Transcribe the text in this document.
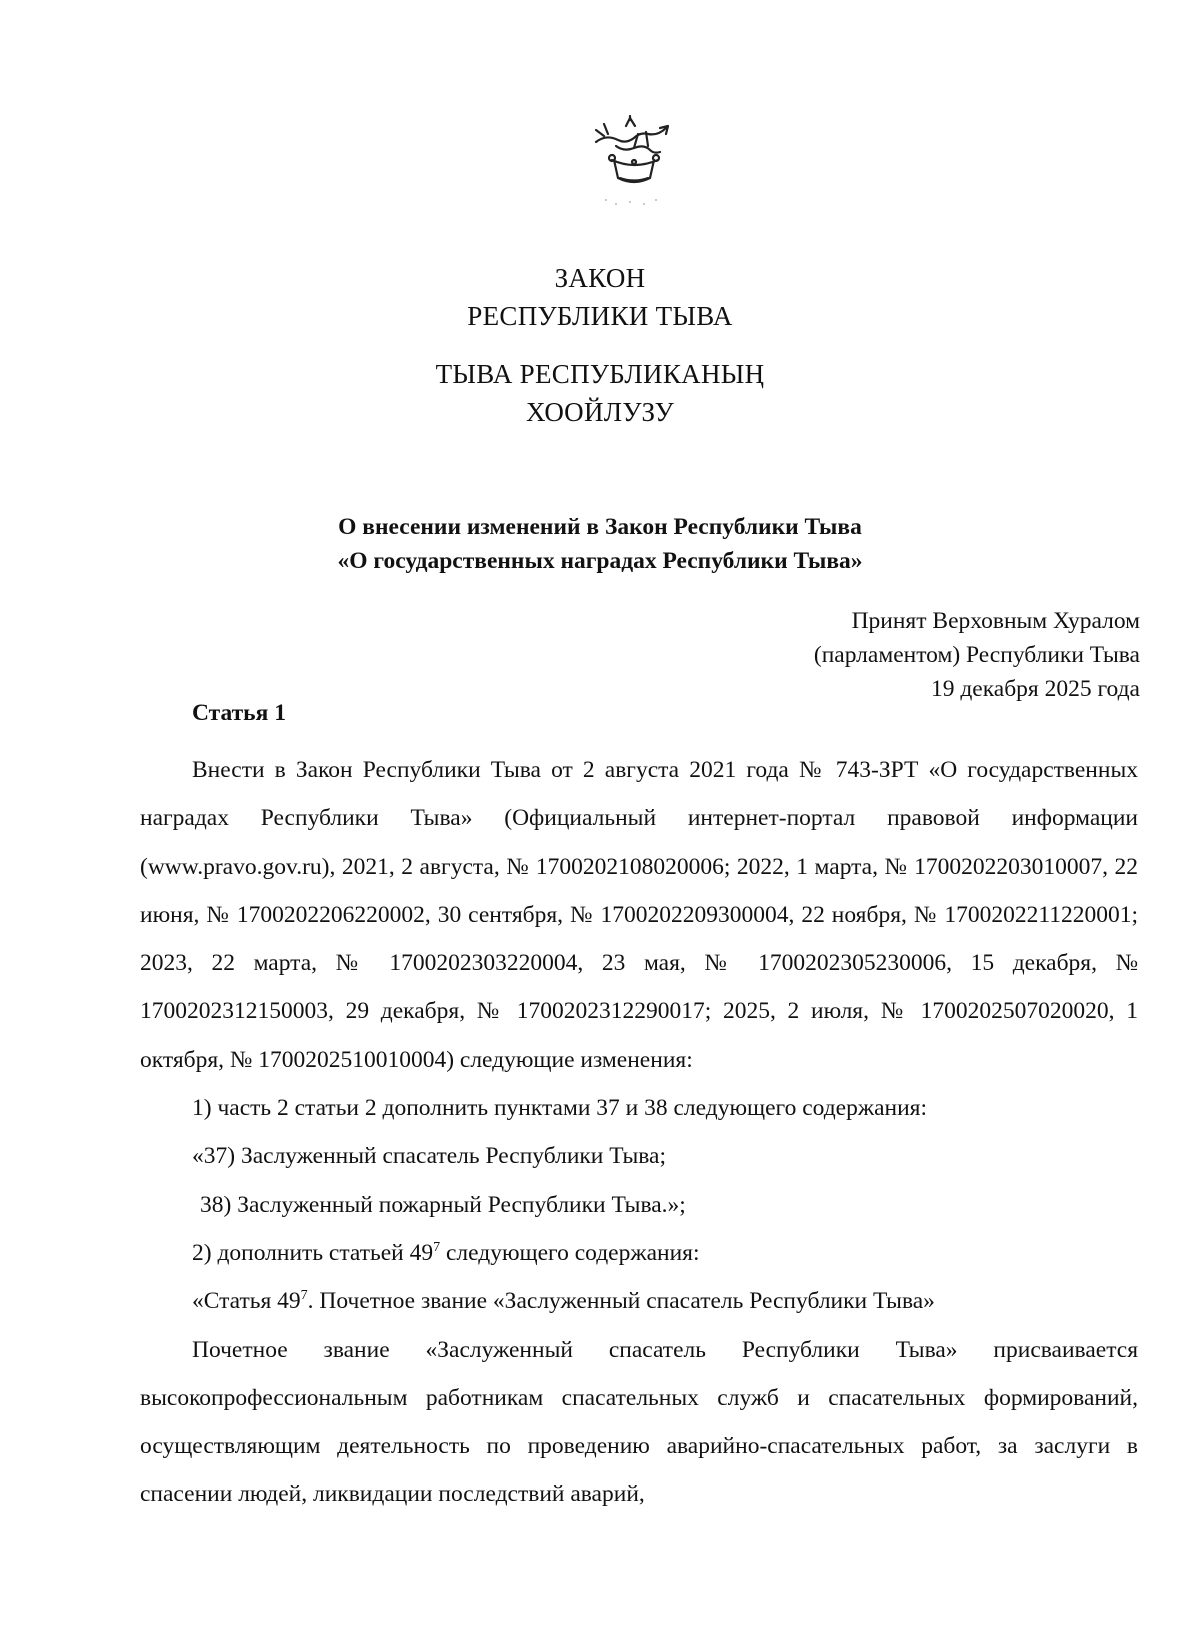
ЗАКОН
РЕСПУБЛИКИ ТЫВА
ТЫВА РЕСПУБЛИКАНЫҢ
ХООЙЛУЗУ
О внесении изменений в Закон Республики Тыва
«О государственных наградах Республики Тыва»
Принят Верховным Хуралом
(парламентом) Республики Тыва
19 декабря 2025 года
Статья 1

Внести в Закон Республики Тыва от 2 августа 2021 года № 743-ЗРТ «О государственных наградах Республики Тыва» (Официальный интернет-портал правовой информации (www.pravo.gov.ru), 2021, 2 августа, № 1700202108020006; 2022, 1 марта, № 1700202203010007, 22 июня, № 1700202206220002, 30 сентября, № 1700202209300004, 22 ноября, № 1700202211220001; 2023, 22 марта, № 1700202303220004, 23 мая, № 1700202305230006, 15 декабря, № 1700202312150003, 29 декабря, № 1700202312290017; 2025, 2 июля, № 1700202507020020, 1 октября, № 1700202510010004) следующие изменения:

1) часть 2 статьи 2 дополнить пунктами 37 и 38 следующего содержания:

«37) Заслуженный спасатель Республики Тыва;

38) Заслуженный пожарный Республики Тыва.»;

2) дополнить статьей $49^7$ следующего содержания:

«Статья $49^7$. Почетное звание «Заслуженный спасатель Республики Тыва»

Почетное звание «Заслуженный спасатель Республики Тыва» присваивается высокопрофессиональным работникам спасательных служб и спасательных формирований, осуществляющим деятельность по проведению аварийно-спасательных работ, за заслуги в спасении людей, ликвидации последствий аварий,
